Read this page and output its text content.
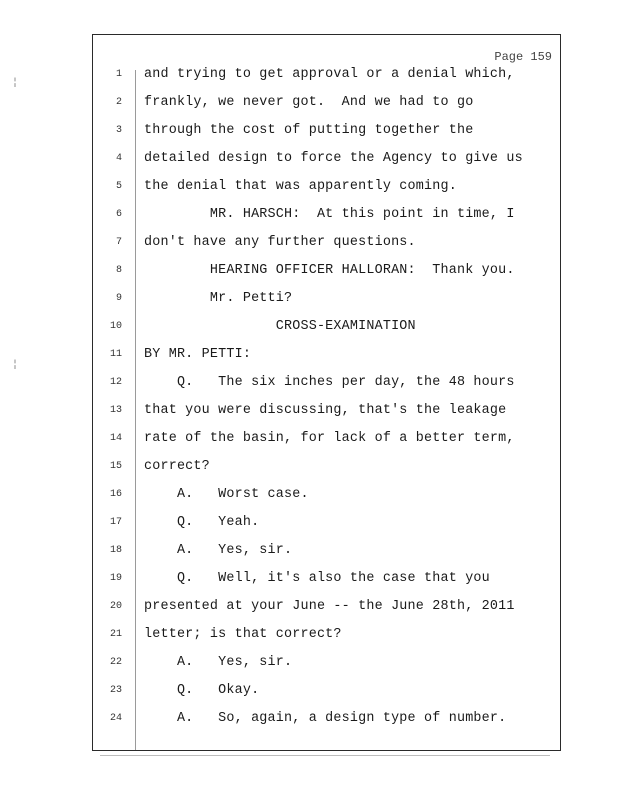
¦
¦
Page 159
1 and trying to get approval or a denial which,
2 frankly, we never got.  And we had to go
3 through the cost of putting together the
4 detailed design to force the Agency to give us
5 the denial that was apparently coming.
6 MR. HARSCH:  At this point in time, I
7 don't have any further questions.
8 HEARING OFFICER HALLORAN:  Thank you.
9 Mr. Petti?
10 CROSS-EXAMINATION
11 BY MR. PETTI:
12 Q.   The six inches per day, the 48 hours
13 that you were discussing, that's the leakage
14 rate of the basin, for lack of a better term,
15 correct?
16 A.   Worst case.
17 Q.   Yeah.
18 A.   Yes, sir.
19 Q.   Well, it's also the case that you
20 presented at your June -- the June 28th, 2011
21 letter; is that correct?
22 A.   Yes, sir.
23 Q.   Okay.
24 A.   So, again, a design type of number.
